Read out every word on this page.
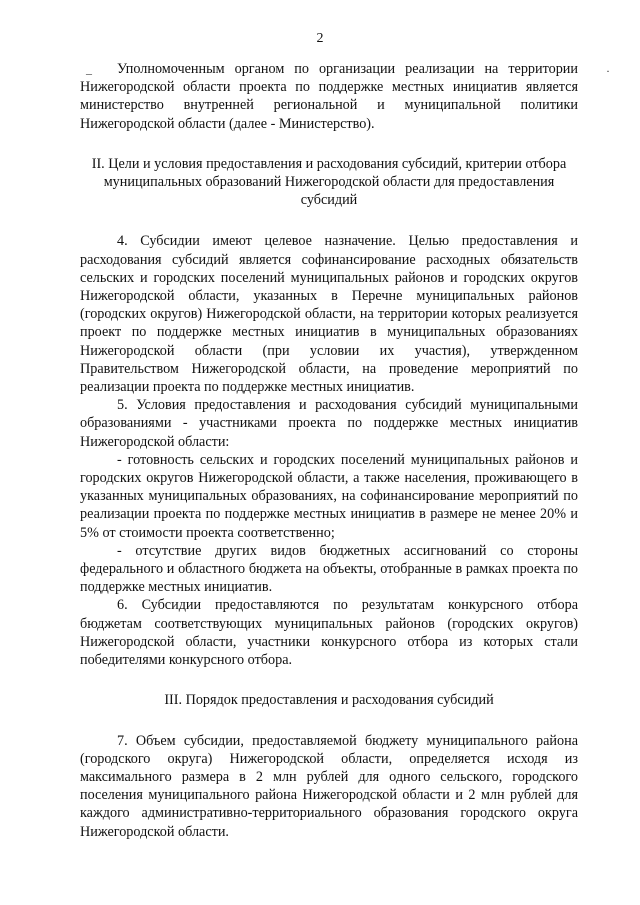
2
–	·

Уполномоченным органом по организации реализации на территории Нижегородской области проекта по поддержке местных инициатив является министерство внутренней региональной и муниципальной политики Нижегородской области (далее - Министерство).

II. Цели и условия предоставления и расходования субсидий, критерии отбора муниципальных образований Нижегородской области для предоставления субсидий

4. Субсидии имеют целевое назначение. Целью предоставления и расходования субсидий является софинансирование расходных обязательств сельских и городских поселений муниципальных районов и городских округов Нижегородской области, указанных в Перечне муниципальных районов (городских округов) Нижегородской области, на территории которых реализуется проект по поддержке местных инициатив в муниципальных образованиях Нижегородской области (при условии их участия), утвержденном Правительством Нижегородской области, на проведение мероприятий по реализации проекта по поддержке местных инициатив.

5. Условия предоставления и расходования субсидий муниципальными образованиями - участниками проекта по поддержке местных инициатив Нижегородской области:

- готовность сельских и городских поселений муниципальных районов и городских округов Нижегородской области, а также населения, проживающего в указанных муниципальных образованиях, на софинансирование мероприятий по реализации проекта по поддержке местных инициатив в размере не менее 20% и 5% от стоимости проекта соответственно;

- отсутствие других видов бюджетных ассигнований со стороны федерального и областного бюджета на объекты, отобранные в рамках проекта по поддержке местных инициатив.

6. Субсидии предоставляются по результатам конкурсного отбора бюджетам соответствующих муниципальных районов (городских округов) Нижегородской области, участники конкурсного отбора из которых стали победителями конкурсного отбора.

III. Порядок предоставления и расходования субсидий

7. Объем субсидии, предоставляемой бюджету муниципального района (городского округа) Нижегородской области, определяется исходя из максимального размера в 2 млн рублей для одного сельского, городского поселения муниципального района Нижегородской области и 2 млн рублей для каждого административно-территориального образования городского округа Нижегородской области.
